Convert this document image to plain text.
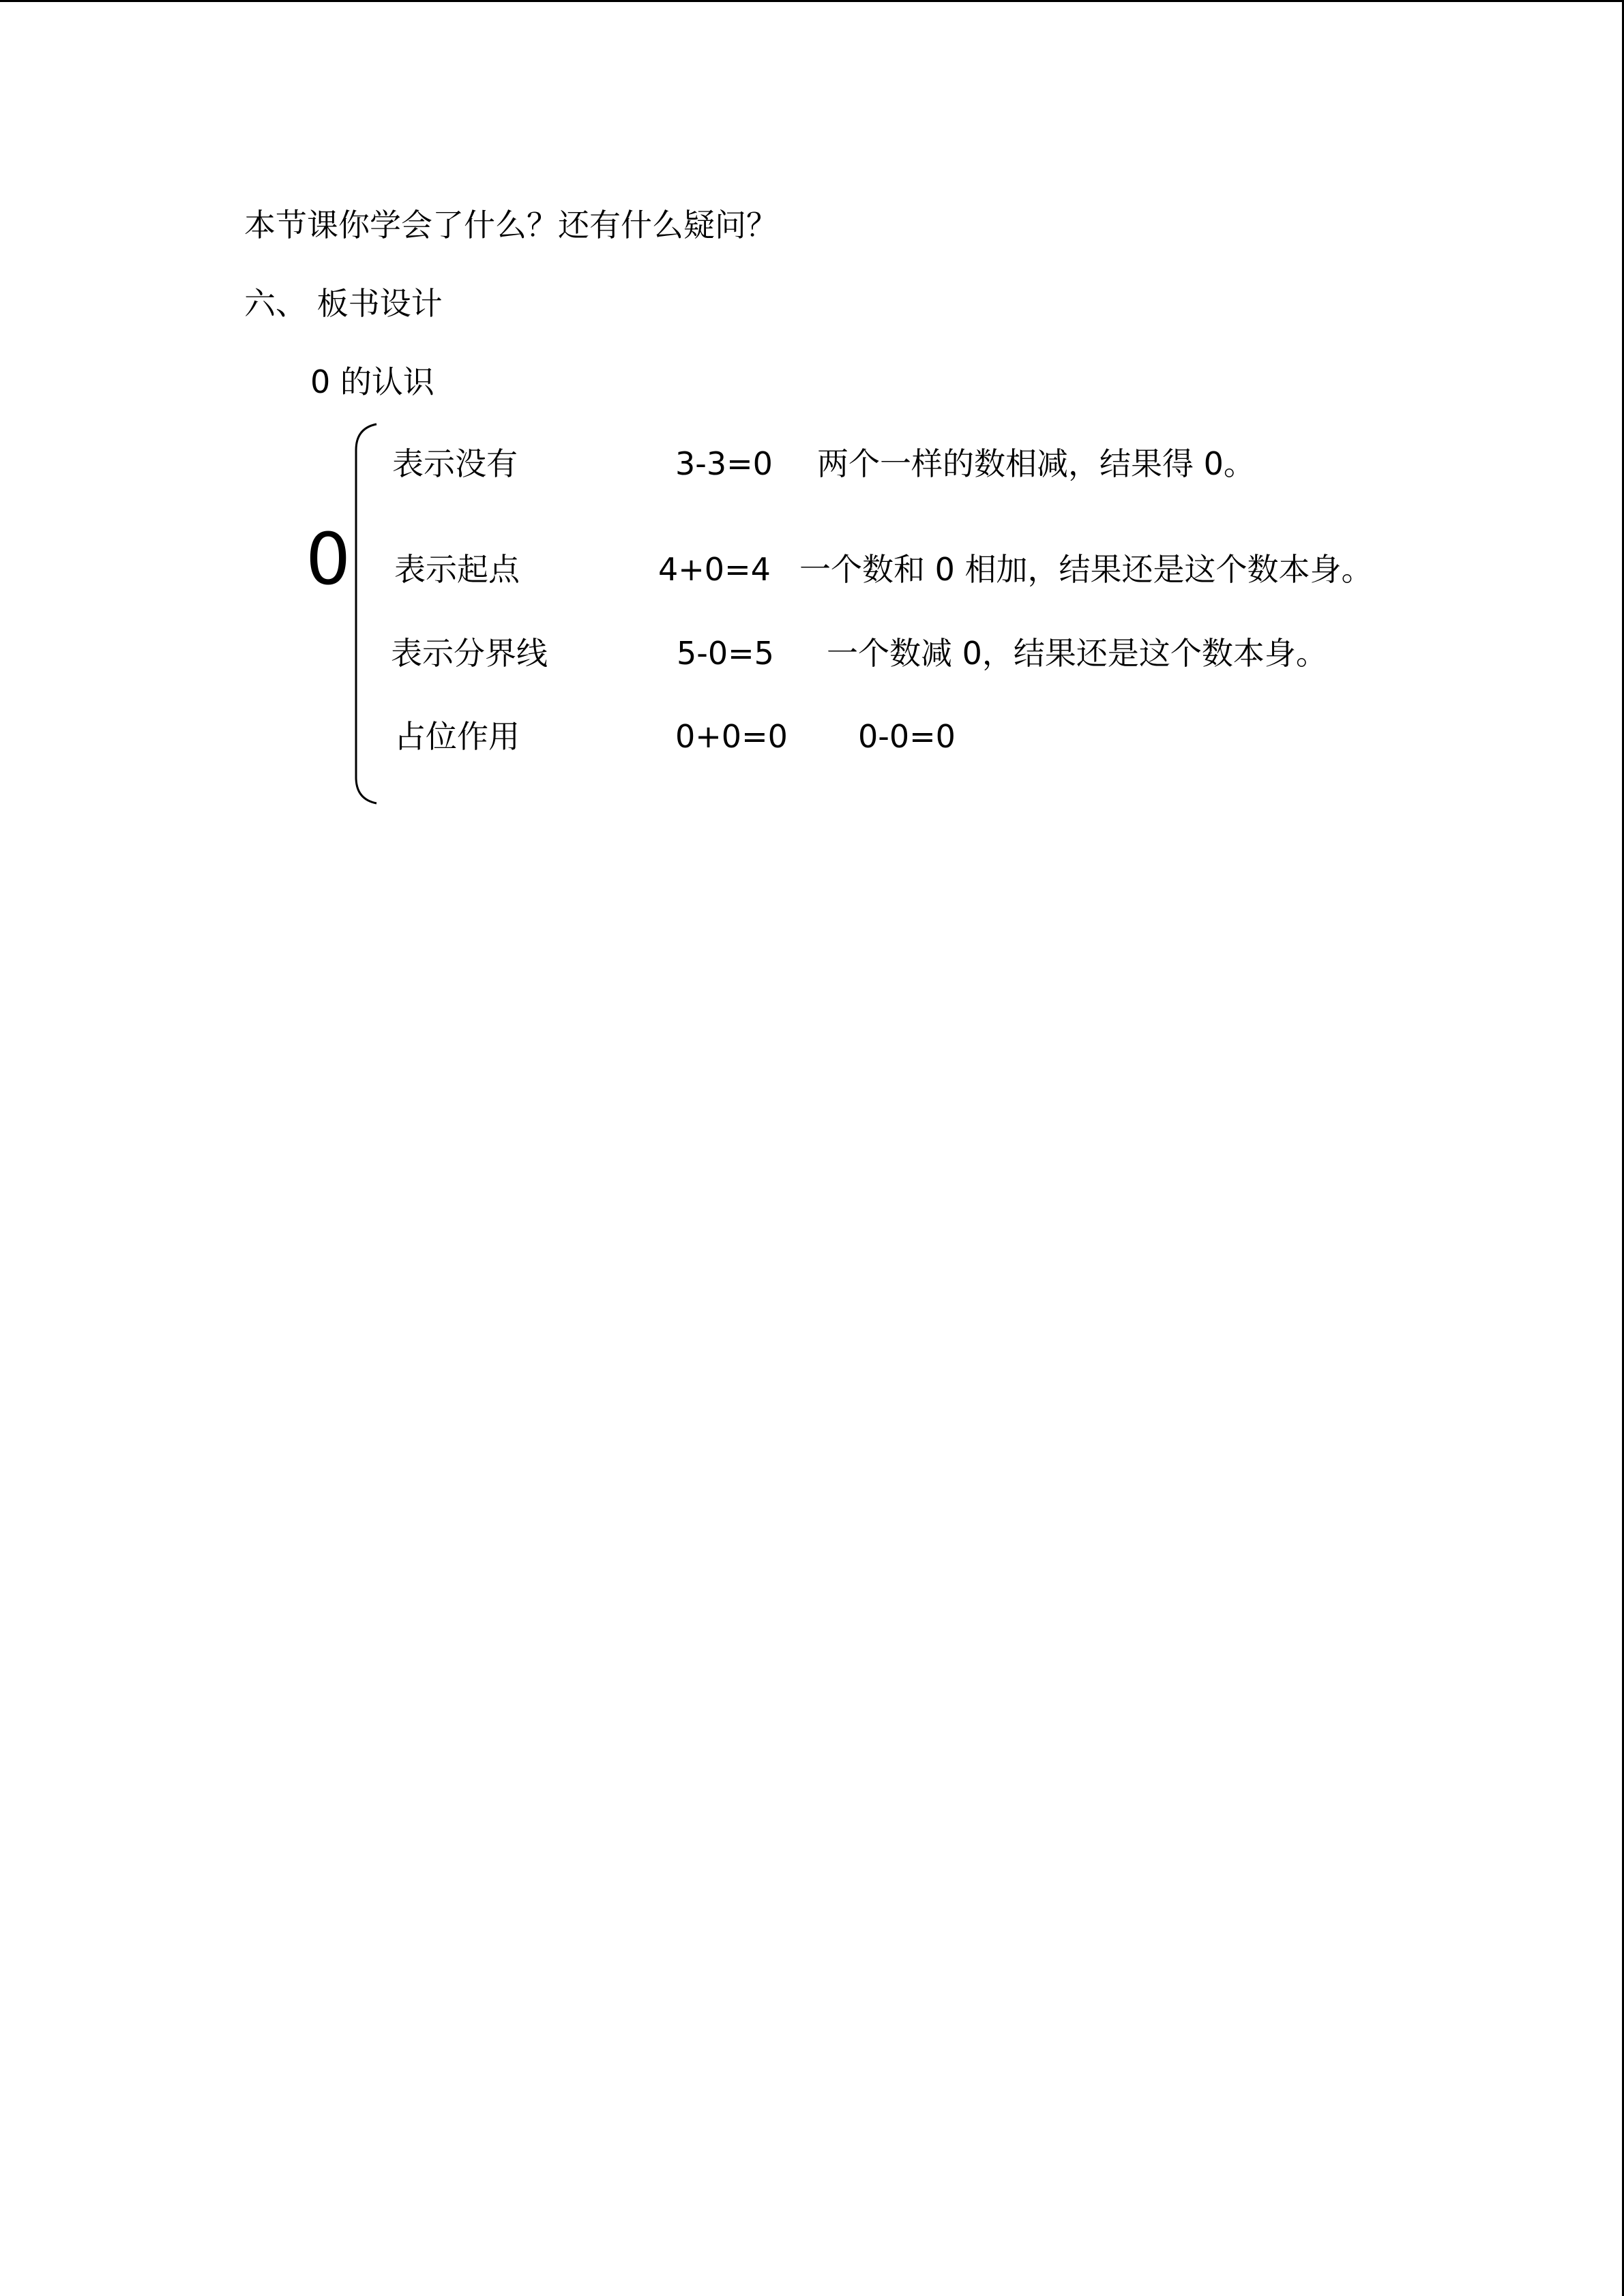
本节课你学会了什么？还有什么疑问？
六、 板书设计
0 的认识
0
表示没有	3-3=0 两个一样的数相减，结果得 0。
表示起点	4+0=4 一个数和 0 相加，结果还是这个数本身。
表示分界线	5-0=5 一个数减 0，结果还是这个数本身。
占位作用	0+0=0 0-0=0
